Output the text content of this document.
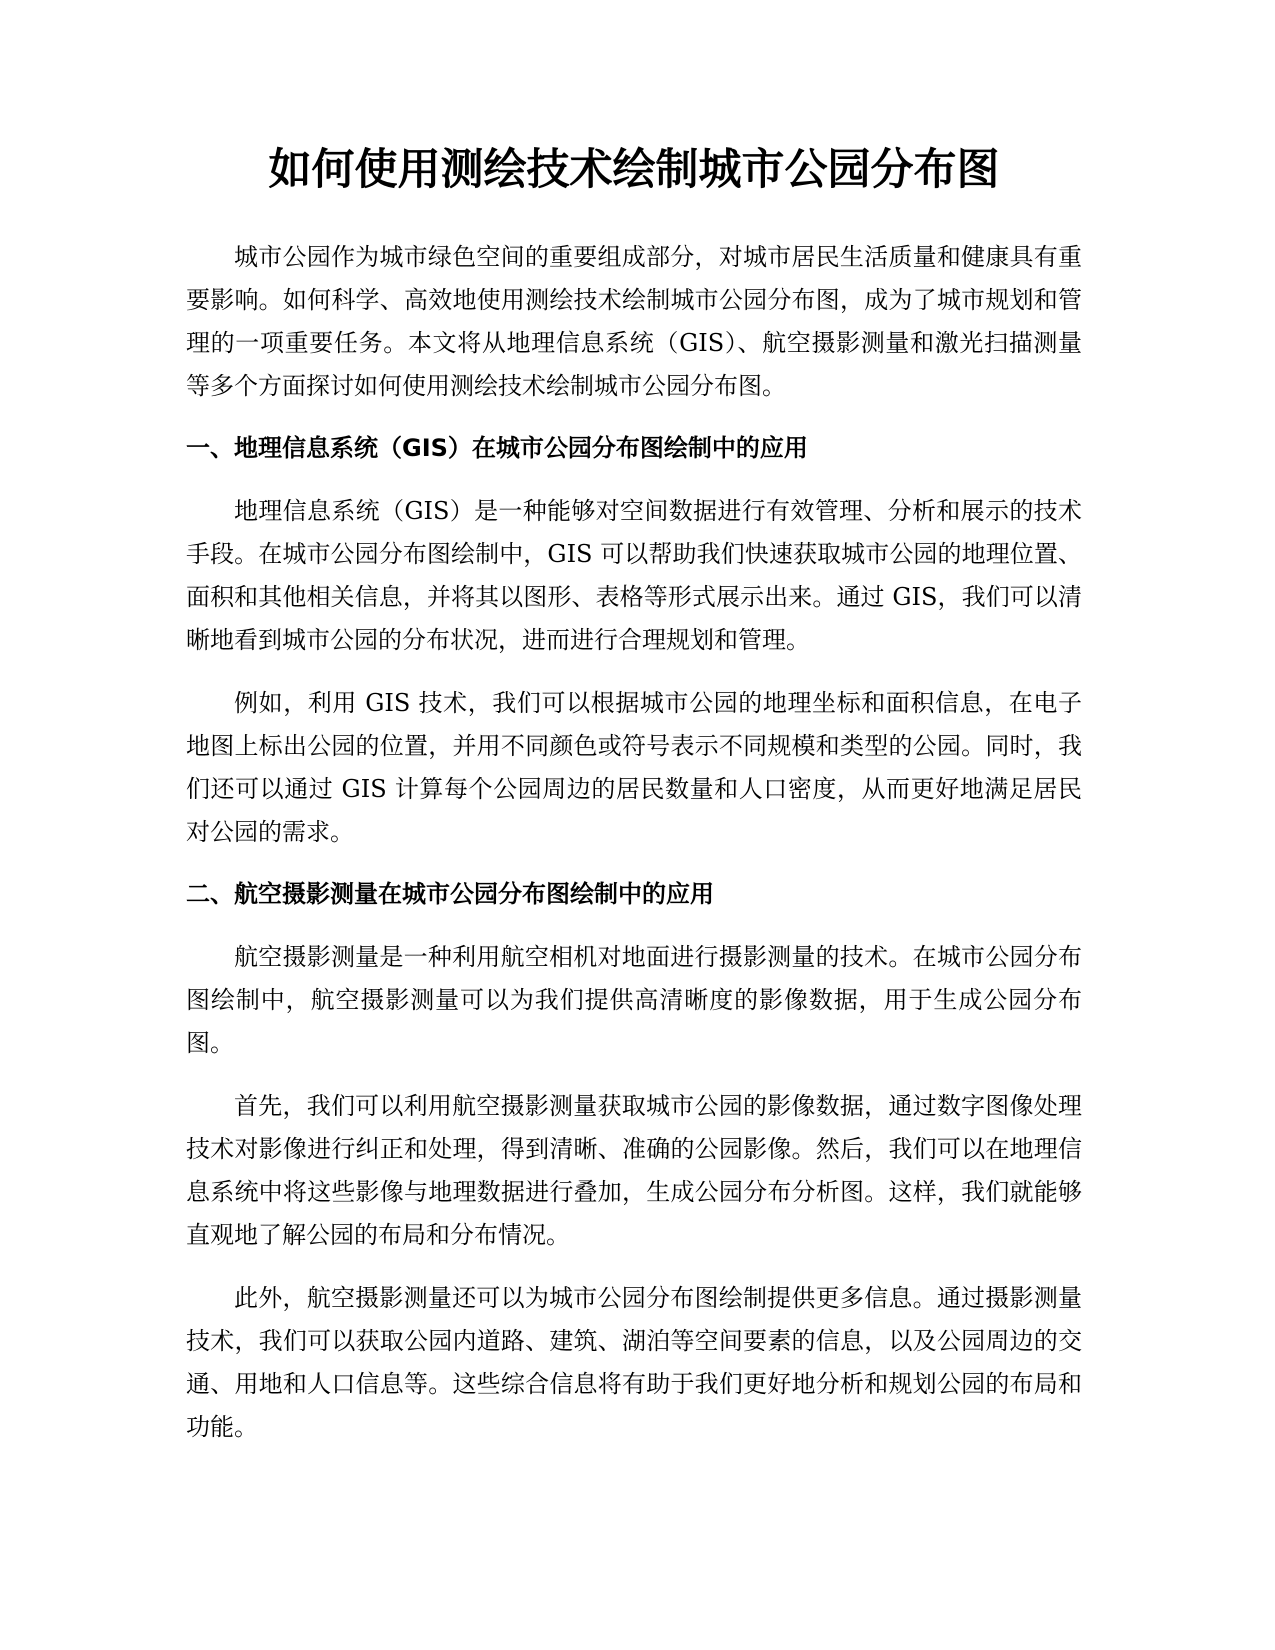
如何使用测绘技术绘制城市公园分布图

城市公园作为城市绿色空间的重要组成部分，对城市居民生活质量和健康具有重要影响。如何科学、高效地使用测绘技术绘制城市公园分布图，成为了城市规划和管理的一项重要任务。本文将从地理信息系统（GIS）、航空摄影测量和激光扫描测量等多个方面探讨如何使用测绘技术绘制城市公园分布图。

一、地理信息系统（GIS）在城市公园分布图绘制中的应用

地理信息系统（GIS）是一种能够对空间数据进行有效管理、分析和展示的技术手段。在城市公园分布图绘制中，GIS 可以帮助我们快速获取城市公园的地理位置、面积和其他相关信息，并将其以图形、表格等形式展示出来。通过 GIS，我们可以清晰地看到城市公园的分布状况，进而进行合理规划和管理。

例如，利用 GIS 技术，我们可以根据城市公园的地理坐标和面积信息，在电子地图上标出公园的位置，并用不同颜色或符号表示不同规模和类型的公园。同时，我们还可以通过 GIS 计算每个公园周边的居民数量和人口密度，从而更好地满足居民对公园的需求。

二、航空摄影测量在城市公园分布图绘制中的应用

航空摄影测量是一种利用航空相机对地面进行摄影测量的技术。在城市公园分布图绘制中，航空摄影测量可以为我们提供高清晰度的影像数据，用于生成公园分布图。

首先，我们可以利用航空摄影测量获取城市公园的影像数据，通过数字图像处理技术对影像进行纠正和处理，得到清晰、准确的公园影像。然后，我们可以在地理信息系统中将这些影像与地理数据进行叠加，生成公园分布分析图。这样，我们就能够直观地了解公园的布局和分布情况。

此外，航空摄影测量还可以为城市公园分布图绘制提供更多信息。通过摄影测量技术，我们可以获取公园内道路、建筑、湖泊等空间要素的信息，以及公园周边的交通、用地和人口信息等。这些综合信息将有助于我们更好地分析和规划公园的布局和功能。
